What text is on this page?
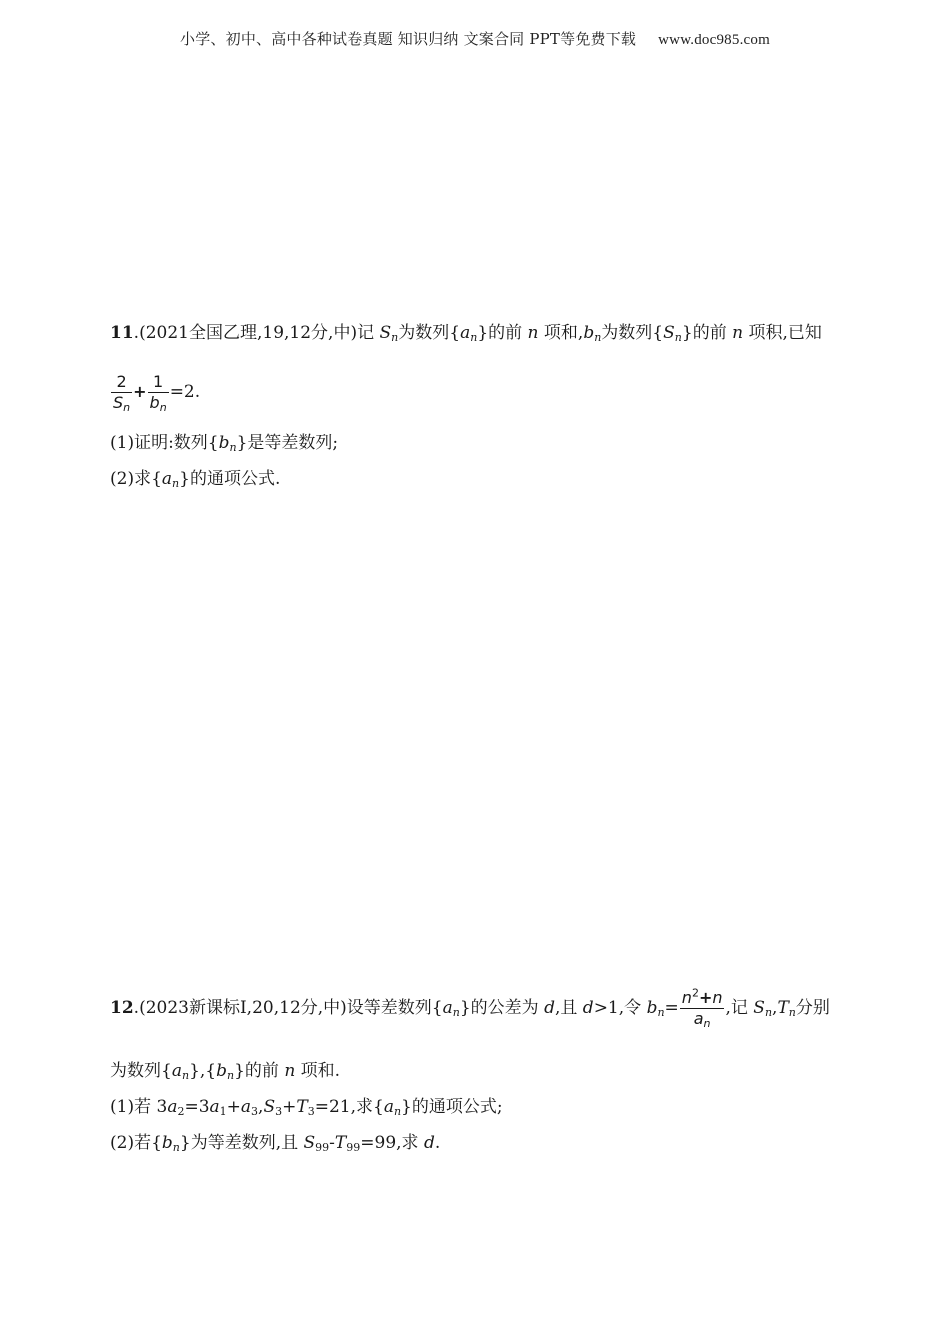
小学、初中、高中各种试卷真题 知识归纳 文案合同 PPT等免费下载 www.doc985.com
11.(2021全国乙理,19,12分,中)记 $S_n$为数列$\{a_n\}$的前 n 项和$,b_n$为数列$\{S_n\}$的前 n 项积,已知
$\frac{2}{S_n} + \frac{1}{b_n} =2$.
(1)证明:数列$\{b_n\}$是等差数列;
(2)求$\{a_n\}$的通项公式.
12.(2023新课标Ⅰ,20,12分,中)设等差数列$\{a_n\}$的公差为 d,且 d>1,令 $b_n= \frac{n^2+n}{a_n}$ ,记 $S_n,T_n$分别
为数列$\{a_n\},\{b_n\}$的前 n 项和.
(1)若 $3a_2=3a_1+a_3,S_3+T_3=21$,求$\{a_n\}$的通项公式;
(2)若$\{b_n\}$为等差数列,且 $S_{99}-T_{99}=99$,求 d.
